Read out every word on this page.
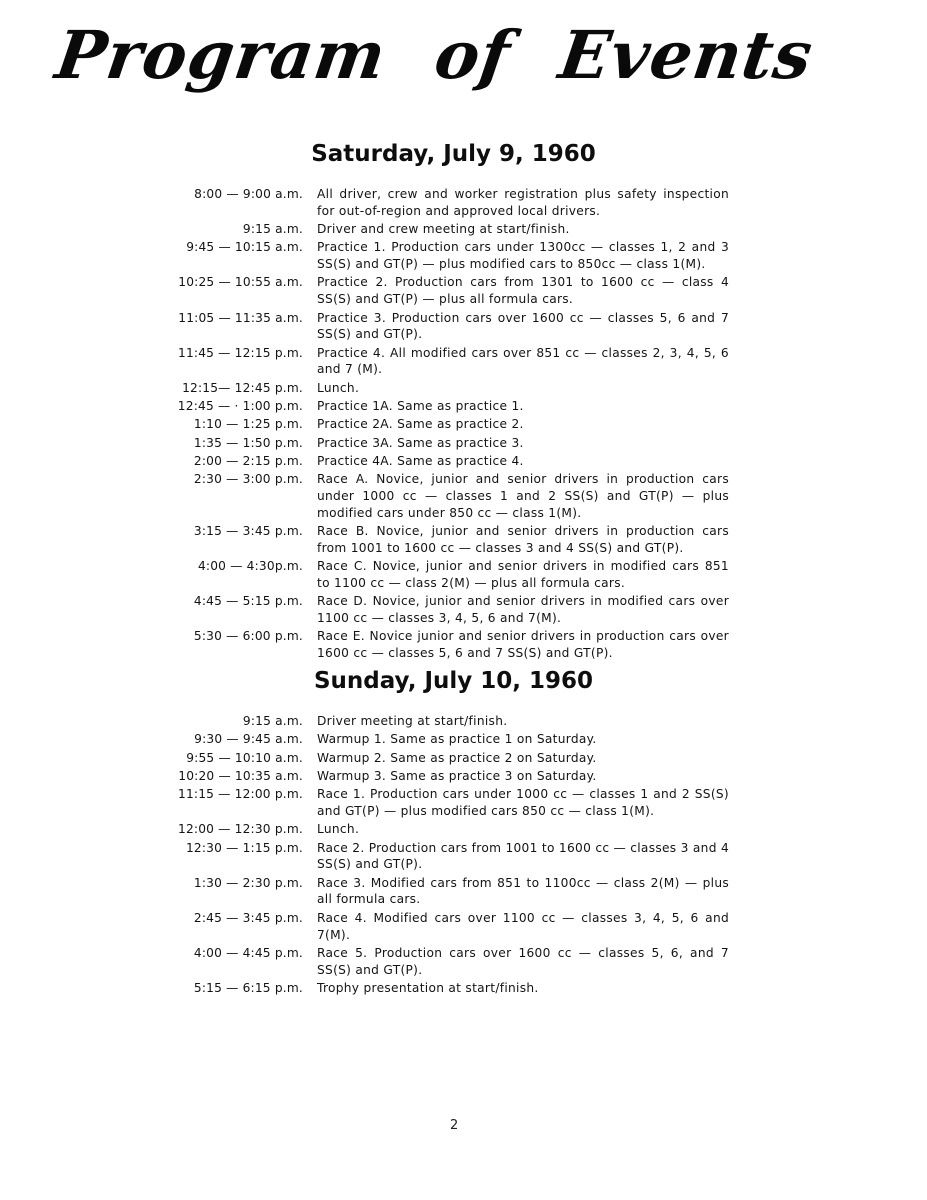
Program of Events
Saturday, July 9, 1960
8:00 — 9:00 a.m. All driver, crew and worker registration plus safety inspection for out-of-region and approved local drivers.
9:15 a.m. Driver and crew meeting at start/finish.
9:45 — 10:15 a.m. Practice 1. Production cars under 1300cc — classes 1, 2 and 3 SS(S) and GT(P) — plus modified cars to 850cc — class 1(M).
10:25 — 10:55 a.m. Practice 2. Production cars from 1301 to 1600 cc — class 4 SS(S) and GT(P) — plus all formula cars.
11:05 — 11:35 a.m. Practice 3. Production cars over 1600 cc — classes 5, 6 and 7 SS(S) and GT(P).
11:45 — 12:15 p.m. Practice 4. All modified cars over 851 cc — classes 2, 3, 4, 5, 6 and 7 (M).
12:15— 12:45 p.m. Lunch.
12:45 — · 1:00 p.m. Practice 1A. Same as practice 1.
1:10 — 1:25 p.m. Practice 2A. Same as practice 2.
1:35 — 1:50 p.m. Practice 3A. Same as practice 3.
2:00 — 2:15 p.m. Practice 4A. Same as practice 4.
2:30 — 3:00 p.m. Race A. Novice, junior and senior drivers in production cars under 1000 cc — classes 1 and 2 SS(S) and GT(P) — plus modified cars under 850 cc — class 1(M).
3:15 — 3:45 p.m. Race B. Novice, junior and senior drivers in production cars from 1001 to 1600 cc — classes 3 and 4 SS(S) and GT(P).
4:00 — 4:30p.m. Race C. Novice, junior and senior drivers in modified cars 851 to 1100 cc — class 2(M) — plus all formula cars.
4:45 — 5:15 p.m. Race D. Novice, junior and senior drivers in modified cars over 1100 cc — classes 3, 4, 5, 6 and 7(M).
5:30 — 6:00 p.m. Race E. Novice junior and senior drivers in production cars over 1600 cc — classes 5, 6 and 7 SS(S) and GT(P).
Sunday, July 10, 1960
9:15 a.m. Driver meeting at start/finish.
9:30 — 9:45 a.m. Warmup 1. Same as practice 1 on Saturday.
9:55 — 10:10 a.m. Warmup 2. Same as practice 2 on Saturday.
10:20 — 10:35 a.m. Warmup 3. Same as practice 3 on Saturday.
11:15 — 12:00 p.m. Race 1. Production cars under 1000 cc — classes 1 and 2 SS(S) and GT(P) — plus modified cars 850 cc — class 1(M).
12:00 — 12:30 p.m. Lunch.
12:30 — 1:15 p.m. Race 2. Production cars from 1001 to 1600 cc — classes 3 and 4 SS(S) and GT(P).
1:30 — 2:30 p.m. Race 3. Modified cars from 851 to 1100cc — class 2(M) — plus all formula cars.
2:45 — 3:45 p.m. Race 4. Modified cars over 1100 cc — classes 3, 4, 5, 6 and 7(M).
4:00 — 4:45 p.m. Race 5. Production cars over 1600 cc — classes 5, 6, and 7 SS(S) and GT(P).
5:15 — 6:15 p.m. Trophy presentation at start/finish.
2
